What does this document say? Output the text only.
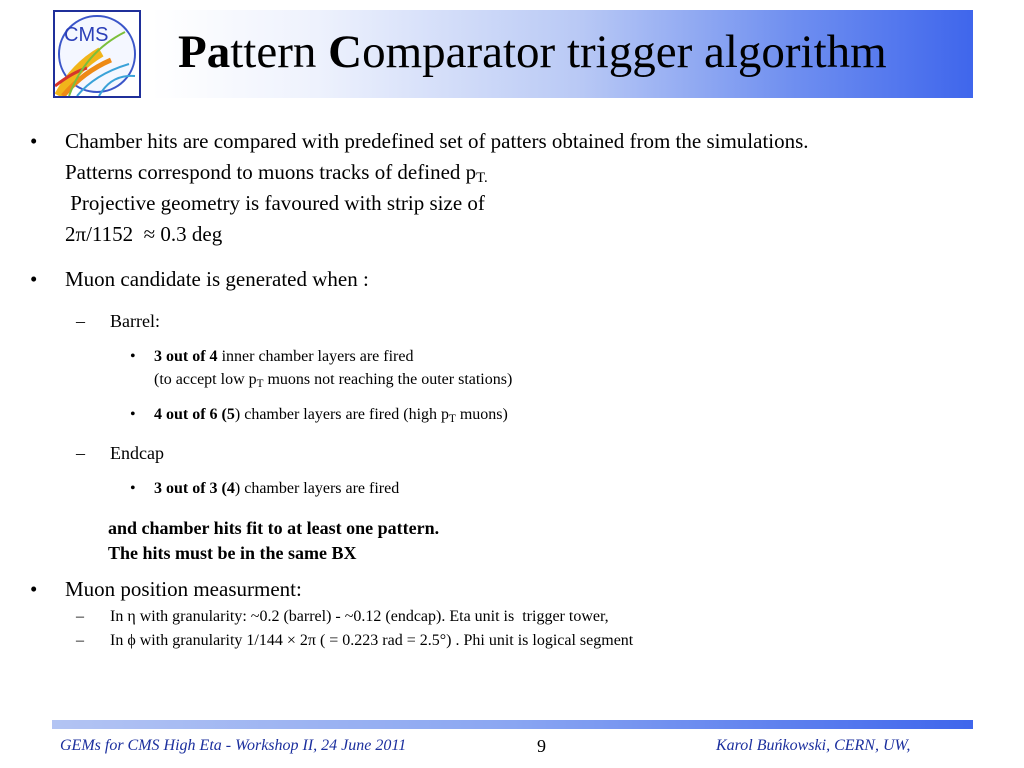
CMS Pattern Comparator trigger algorithm
• Chamber hits are compared with predefined set of patters obtained from the simulations.
Patterns correspond to muons tracks of defined $p_{T.}$
Projective geometry is favoured with strip size of
2π/1152  ≈ 0.3 deg
• Muon candidate is generated when :
– Barrel:
• 3 out of 4 inner chamber layers are fired
(to accept low $p_T$ muons not reaching the outer stations)
• 4 out of 6 (5) chamber layers are fired (high $p_T$ muons)
– Endcap
• 3 out of 3 (4) chamber layers are fired
and chamber hits fit to at least one pattern.
The hits must be in the same BX
• Muon position measurment:
– In η with granularity: ~0.2 (barrel) - ~0.12 (endcap). Eta unit is  trigger tower,
– In ϕ with granularity 1/144 × 2π ( = 0.223 rad = 2.5°) . Phi unit is logical segment
GEMs for CMS High Eta - Workshop II, 24 June 2011	9	Karol Buńkowski, CERN, UW,
